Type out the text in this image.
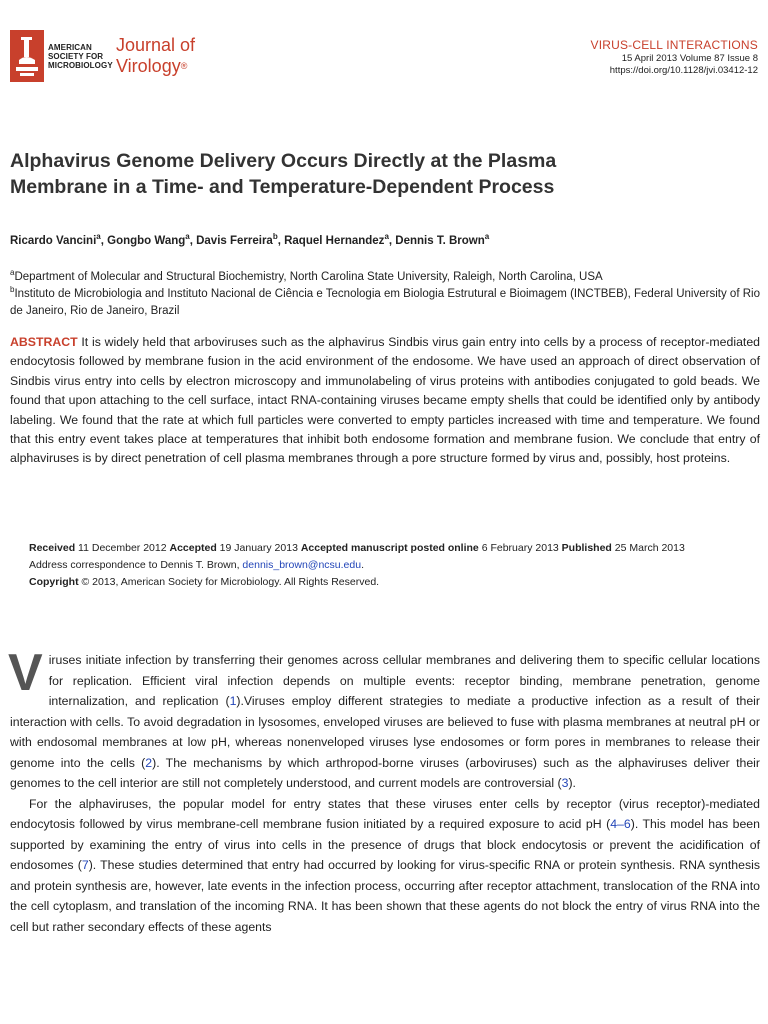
AMERICAN
SOCIETY FOR
MICROBIOLOGY
Journal of
Virology®
VIRUS-CELL INTERACTIONS
15 April 2013 Volume 87 Issue 8
https://doi.org/10.1128/jvi.03412-12
Alphavirus Genome Delivery Occurs Directly at the Plasma
Membrane in a Time- and Temperature-Dependent Process
Ricardo Vancini$^a$, Gongbo Wang$^a$, Davis Ferreira$^b$, Raquel Hernandez$^a$, Dennis T. Brown$^a$
$^a$Department of Molecular and Structural Biochemistry, North Carolina State University, Raleigh, North Carolina, USA
$^b$Instituto de Microbiologia and Instituto Nacional de Ciência e Tecnologia em Biologia Estrutural e Bioimagem (INCTBEB), Federal University of Rio de Janeiro, Rio de Janeiro, Brazil
ABSTRACT It is widely held that arboviruses such as the alphavirus Sindbis virus gain entry into cells by a process of receptor-mediated endocytosis followed by membrane fusion in the acid environment of the endosome. We have used an approach of direct observation of Sindbis virus entry into cells by electron microscopy and immunolabeling of virus proteins with antibodies conjugated to gold beads. We found that upon attaching to the cell surface, intact RNA-containing viruses became empty shells that could be identified only by antibody labeling. We found that the rate at which full particles were converted to empty particles increased with time and temperature. We found that this entry event takes place at temperatures that inhibit both endosome formation and membrane fusion. We conclude that entry of alphaviruses is by direct penetration of cell plasma membranes through a pore structure formed by virus and, possibly, host proteins.
Received 11 December 2012 Accepted 19 January 2013 Accepted manuscript posted online 6 February 2013 Published 25 March 2013
Address correspondence to Dennis T. Brown, dennis_brown@ncsu.edu.
Copyright © 2013, American Society for Microbiology. All Rights Reserved.

Viruses initiate infection by transferring their genomes across cellular membranes and delivering them to specific cellular locations for replication. Efficient viral infection depends on multiple events: receptor binding, membrane penetration, genome internalization, and replication (1).Viruses employ different strategies to mediate a productive infection as a result of their interaction with cells. To avoid degradation in lysosomes, enveloped viruses are believed to fuse with plasma membranes at neutral pH or with endosomal membranes at low pH, whereas nonenveloped viruses lyse endosomes or form pores in membranes to release their genome into the cells (2). The mechanisms by which arthropod-borne viruses (arboviruses) such as the alphaviruses deliver their genomes to the cell interior are still not completely understood, and current models are controversial (3).

For the alphaviruses, the popular model for entry states that these viruses enter cells by receptor (virus receptor)-mediated endocytosis followed by virus membrane-cell membrane fusion initiated by a required exposure to acid pH (4–6). This model has been supported by examining the entry of virus into cells in the presence of drugs that block endocytosis or prevent the acidification of endosomes (7). These studies determined that entry had occurred by looking for virus-specific RNA or protein synthesis. RNA synthesis and protein synthesis are, however, late events in the infection process, occurring after receptor attachment, translocation of the RNA into the cell cytoplasm, and translation of the incoming RNA. It has been shown that these agents do not block the entry of virus RNA into the cell but rather secondary effects of these agents
